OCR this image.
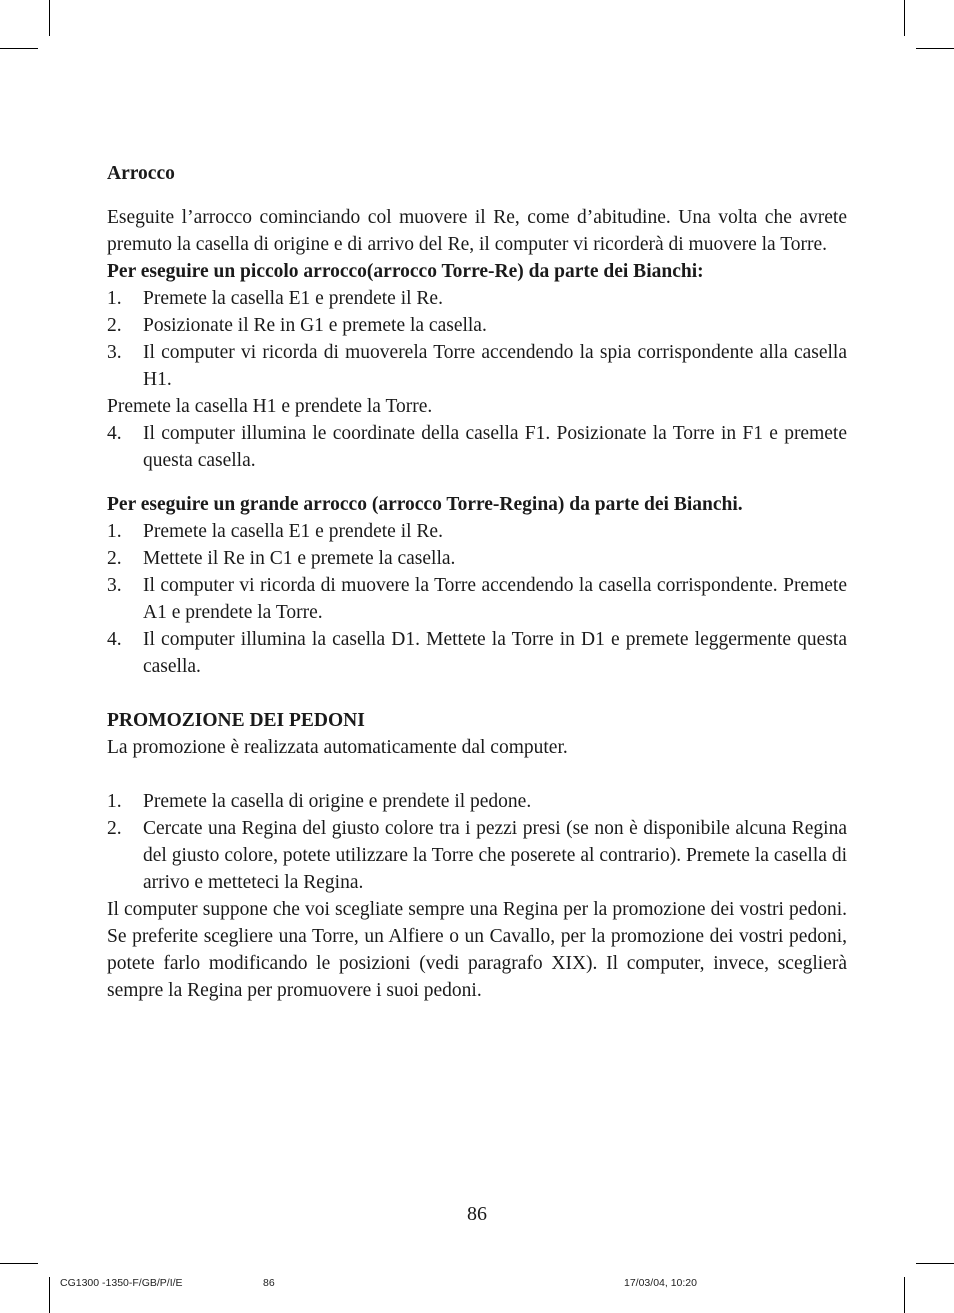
Arrocco

Eseguite l’arrocco cominciando col muovere il Re, come d’abitudine. Una volta che avrete premuto la casella di origine e di arrivo del Re, il computer vi ricorderà di muovere la Torre.

Per eseguire un piccolo arrocco(arrocco Torre-Re) da parte dei Bianchi:
1.	Premete la casella E1 e prendete il Re.
2.	Posizionate il Re in G1 e premete la casella.
3.	Il computer vi ricorda di muoverela Torre accendendo la spia corrispondente alla casella H1.

Premete la casella H1 e prendete la Torre.

4.	Il computer illumina le coordinate della casella F1. Posizionate la Torre in F1 e premete questa casella.
Per eseguire un grande arrocco (arrocco Torre-Regina) da parte dei Bianchi.
1.	Premete la casella E1 e prendete il Re.
2.	Mettete il Re in C1 e premete la casella.
3.	Il computer vi ricorda di muovere la Torre accendendo la casella corrispondente. Premete A1 e prendete la Torre.
4.	Il computer illumina la casella D1. Mettete la Torre in D1 e premete leggermente questa casella.
PROMOZIONE DEI PEDONI

La promozione è realizzata automaticamente dal computer.

1.	Premete la casella di origine e prendete il pedone.
2.	Cercate una Regina del giusto colore tra i pezzi presi (se non è disponibile alcuna Regina del giusto colore, potete utilizzare la Torre che poserete al contrario). Premete la casella di arrivo e metteteci la Regina.

Il computer suppone che voi scegliate sempre una Regina per la promozione dei vostri pedoni. Se preferite scegliere una Torre, un Alfiere o un Cavallo, per la promozione dei vostri pedoni, potete farlo modificando le posizioni (vedi paragrafo XIX). Il computer, invece, sceglierà sempre la Regina per promuovere i suoi pedoni.

86
CG1300 -1350-F/GB/P/I/E	86	17/03/04, 10:20
